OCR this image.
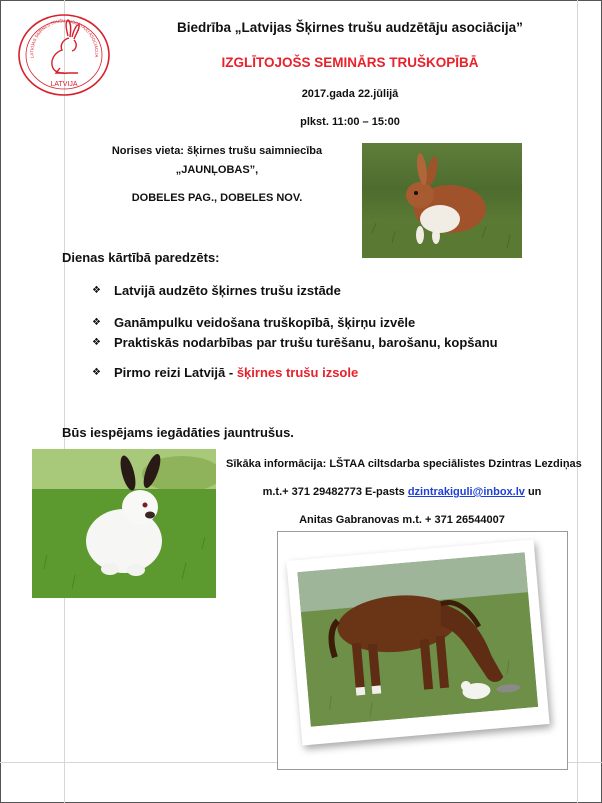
LATVIJAS ŠĶIRNES TRUŠU AUDZĒTĀJU ASOCIĀCIJA
LATVIJA
Biedrība „Latvijas Šķirnes trušu audzētāju asociācija”
IZGLĪTOJOŠS SEMINĀRS TRUŠKOPĪBĀ
2017.gada 22.jūlijā
plkst. 11:00 – 15:00
Norises vieta: šķirnes trušu saimniecība
„JAUNĻOBAS”,
DOBELES PAG., DOBELES NOV.
Dienas kārtībā paredzēts:
❖ Latvijā audzēto šķirnes trušu izstāde
❖ Ganāmpulku veidošana truškopībā, šķirņu izvēle
❖ Praktiskās nodarbības par trušu turēšanu, barošanu, kopšanu
❖ Pirmo reizi Latvijā - šķirnes trušu izsole
Būs iespējams iegādāties jauntrušus.
Sīkāka informācija: LŠTAA ciltsdarba speciālistes Dzintras Lezdiņas
m.t.+ 371 29482773 E-pasts dzintrakiguli@inbox.lv un
Anitas Gabranovas m.t. + 371 26544007
